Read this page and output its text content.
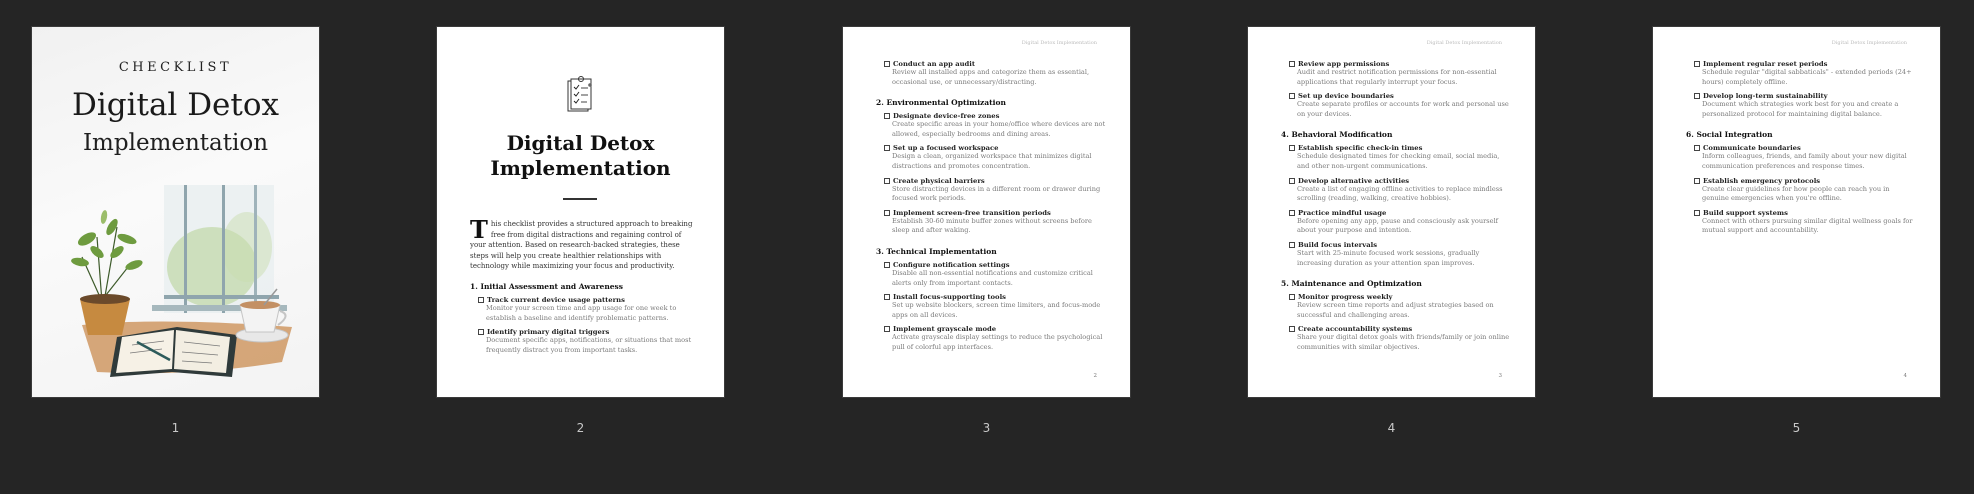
CHECKLIST
Digital Detox
Implementation
1
Digital Detox Implementation
T his checklist provides a structured approach to breaking free from digital distractions and regaining control of your attention. Based on research-backed strategies, these steps will help you create healthier relationships with technology while maximizing your focus and productivity.
1. Initial Assessment and Awareness
Track current device usage patterns
Monitor your screen time and app usage for one week to establish a baseline and identify problematic patterns.
Identify primary digital triggers
Document specific apps, notifications, or situations that most frequently distract you from important tasks.
2
Digital Detox Implementation
Conduct an app audit
Review all installed apps and categorize them as essential, occasional use, or unnecessary/distracting.
2. Environmental Optimization
Designate device-free zones
Create specific areas in your home/office where devices are not allowed, especially bedrooms and dining areas.
Set up a focused workspace
Design a clean, organized workspace that minimizes digital distractions and promotes concentration.
Create physical barriers
Store distracting devices in a different room or drawer during focused work periods.
Implement screen-free transition periods
Establish 30-60 minute buffer zones without screens before sleep and after waking.
3. Technical Implementation
Configure notification settings
Disable all non-essential notifications and customize critical alerts only from important contacts.
Install focus-supporting tools
Set up website blockers, screen time limiters, and focus-mode apps on all devices.
Implement grayscale mode
Activate grayscale display settings to reduce the psychological pull of colorful app interfaces.
2
3
Digital Detox Implementation
Review app permissions
Audit and restrict notification permissions for non-essential applications that regularly interrupt your focus.
Set up device boundaries
Create separate profiles or accounts for work and personal use on your devices.
4. Behavioral Modification
Establish specific check-in times
Schedule designated times for checking email, social media, and other non-urgent communications.
Develop alternative activities
Create a list of engaging offline activities to replace mindless scrolling (reading, walking, creative hobbies).
Practice mindful usage
Before opening any app, pause and consciously ask yourself about your purpose and intention.
Build focus intervals
Start with 25-minute focused work sessions, gradually increasing duration as your attention span improves.
5. Maintenance and Optimization
Monitor progress weekly
Review screen time reports and adjust strategies based on successful and challenging areas.
Create accountability systems
Share your digital detox goals with friends/family or join online communities with similar objectives.
3
4
Digital Detox Implementation
Implement regular reset periods
Schedule regular "digital sabbaticals" - extended periods (24+ hours) completely offline.
Develop long-term sustainability
Document which strategies work best for you and create a personalized protocol for maintaining digital balance.
6. Social Integration
Communicate boundaries
Inform colleagues, friends, and family about your new digital communication preferences and response times.
Establish emergency protocols
Create clear guidelines for how people can reach you in genuine emergencies when you're offline.
Build support systems
Connect with others pursuing similar digital wellness goals for mutual support and accountability.
4
5
